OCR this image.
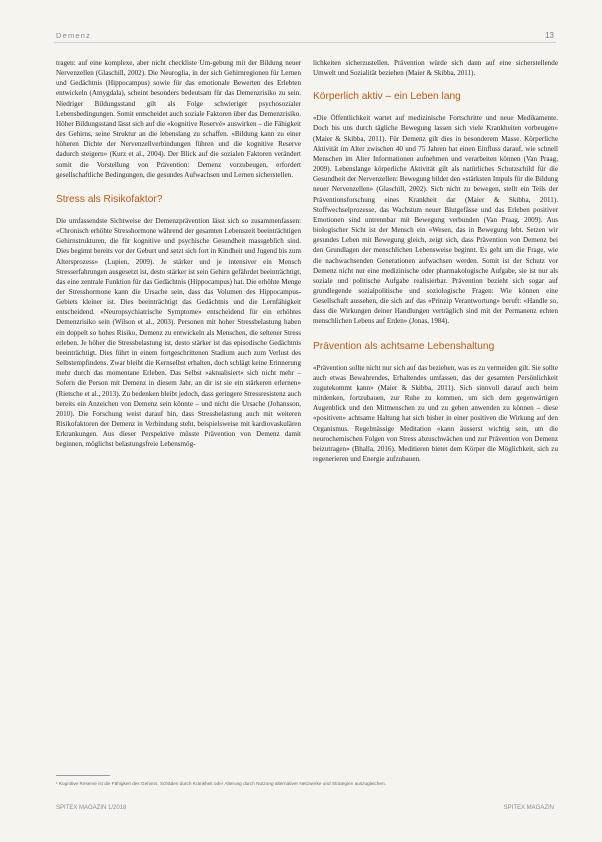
Demenz	13

tragen: auf eine komplexe, aber nicht checkliste Um-gebung mit der Bildung neuer Nervenzellen (Glaschill, 2002). Die Neuroglia, in der sich Gehirnregionen für Lernen und Gedächtnis (Hippocampus) sowie für das emotionale Bewerten des Erlebten entwickeln (Amygdala), scheint besonders bedeutsam für das Demenzrisiko zu sein. Niedriger Bildungsstand gilt als Folge schwieriger psychosozialer Lebensbedingungen. Somit entscheidet auch soziale Faktoren über das Demenzrisiko. Höher Bildungsstand lässt sich auf die «kognitive Reservé» auswirken – die Fähigkeit des Gehirns, seine Struktur an die lebenslang zu schaffen. «Bildung kann zu einer höheren Dichte der Nervenzellverbindungen führen und die kognitive Reserve dadurch steigern» (Kurz et al., 2004). Der Blick auf die sozialen Faktoren verändert somit die Vorstellung von Prävention: Demenz vorzubeugen, erfordert gesellschaftliche Bedingungen, die gesundes Aufwachsen und Lernen sicherstellen.

Stress als Risikofaktor?

Die umfassendste Sichtweise der Demenzprävention lässt sich so zusammenfassen: «Chronisch erhöhte Stresshormone während der gesamten Lebenszeit beeinträchtigen Gehirnstrukturen, die für kognitive und psychische Gesundheit massgeblich sind. Dies beginnt bereits vor der Geburt und setzt sich fort in Kindheit und Jugend bis zum Altersprozess» (Lupien, 2009). Je stärker und je intensiver ein Mensch Stresserfahrungen ausgesetzt ist, desto stärker ist sein Gehirn gefährdet beeinträchtigt, das eine zentrale Funktion für das Gedächtnis (Hippocampus) hat. Die erhöhte Menge der Stresshormone kann die Ursache sein, dass das Volumen des Hippocampus-Gebiets kleiner ist. Dies beeinträchtigt das Gedächtnis und die Lernfähigkeit entscheidend. «Neuropsychiatrische Symptome» entscheidend für ein erhöhtes Demenzrisiko sein (Wilson et al., 2003). Personen mit hoher Stressbelastung haben ein doppelt so hohes Risiko, Demenz zu entwickeln als Menschen, die seltener Stress erleben. Je höher die Stressbelastung ist, desto stärker ist das episodische Gedächtnis beeinträchtigt. Dies führt in einem fortgeschrittenen Stadium auch zum Verlust des Selbstempfindens. Zwar bleibt die Kernselbst erhalten, doch schlägt keine Erinnerung mehr durch das momentane Erleben. Das Selbst »aktualisiert« sich nicht mehr – Sofern die Person mit Demenz in diesem Jahr, an dir ist sie ein stärkeren erlernen» (Rietsche et al., 2013). Zu bedenken bleibt jedoch, dass geringere Stressresistenz auch bereits ein Anzeichen von Demenz sein könnte – und nicht die Ursache (Johansson, 2010). Die Forschung weist darauf hin, dass Stressbelastung auch mit weiteren Risikofaktoren der Demenz in Verbindung steht, beispielsweise mit kardiovaskulären Erkrankungen. Aus dieser Perspektive müsste Prävention von Demenz damit beginnen, möglichst belastungsfreie Lebensmög-

lichkeiten sicherzustellen. Prävention würde sich dann auf eine sicherstellende Umwelt und Sozialität beziehen (Maier & Skibba, 2011).

Körperlich aktiv – ein Leben lang

«Die Öffentlichkeit wartet auf medizinische Fortschritte und neue Medikamente. Doch bis uns durch tägliche Bewegung lassen sich viele Krankheiten vorbeugen» (Maier & Skibba, 2011). Für Demenz gilt dies in besonderem Masse. Körperliche Aktivität im Alter zwischen 40 und 75 Jahren hat einen Einfluss darauf, wie schnell Menschen im Alter Informationen aufnehmen und verarbeiten können (Van Praag, 2009). Lebenslange körperliche Aktivität gilt als natürliches Schutzschild für die Gesundheit der Nervenzellen: Bewegung bildet den «stärksten Impuls für die Bildung neuer Nervenzellen» (Glaschill, 2002). Sich nicht zu bewegen, stellt ein Teils der Präventionsforschung eines Krankheit dar (Maier & Skibba, 2011). Stoffwechselprozesse, das Wachstum neuer Blutgefässe und das Erleben positiver Emotionen sind untrennbar mit Bewegung verbunden (Van Praag, 2009). Aus biologischer Sicht ist der Mensch ein «Wesen, das in Bewegung lebt. Setzen wir gesundes Leben mit Bewegung gleich, zeigt sich, dass Prävention von Demenz bei den Grundlagen der menschlichen Lebensweise beginnt. Es geht um die Frage, wie die nachwachsenden Generationen aufwachsen werden. Somit ist der Schutz vor Demenz nicht nur eine medizinische oder pharmakologische Aufgabe, sie ist nur als soziale und politische Aufgabe realisierbar. Prävention bezieht sich sogar auf grundlegende sozialpolitische und soziologische Fragen: Wie können eine Gesellschaft aussehen, die sich auf das «Prinzip Verantwortung» beruft: «Handle so, dass die Wirkungen deiner Handlungen verträglich sind mit der Permanenz echten menschlichen Lebens auf Erden» (Jonas, 1984).

Prävention als achtsame Lebenshaltung

«Prävention sollte nicht nur sich auf das beziehen, was es zu vermeiden gilt. Sie sollte auch etwas Bewahrendes, Erhaltendes umfassen, das der gesamten Persönlichkeit zugutekommt kann» (Maier & Skibba, 2011). Sich sinnvoll darauf auch beim mitdenken, fortzubauen, zur Ruhe zu kommen, um sich dem gegenwärtigen Augenblick und den Mitmenschen zu und zu gehen anwenden zu können – diese «positiven» achtsame Haltung hat sich bisher in einer positiven die Wirkung auf den Organismus. Regelmässige Meditation «kann äusserst wichtig sein, um die neurochemischen Folgen von Stress abzuschwächen und zur Prävention von Demenz beizutragen» (Bhalla, 2016). Meditieren bietet dem Körper die Möglichkeit, sich zu regenerieren und Energie aufzubauen.

¹ Kognitive Reserve ist die Fähigkeit des Gehirns, Schäden durch Krankheit oder Alterung durch Nutzung alternativer Netzwerke und Strategien auszugleichen.
SPITEX MAGAZIN 1/2018	SPITEX MAGAZIN
